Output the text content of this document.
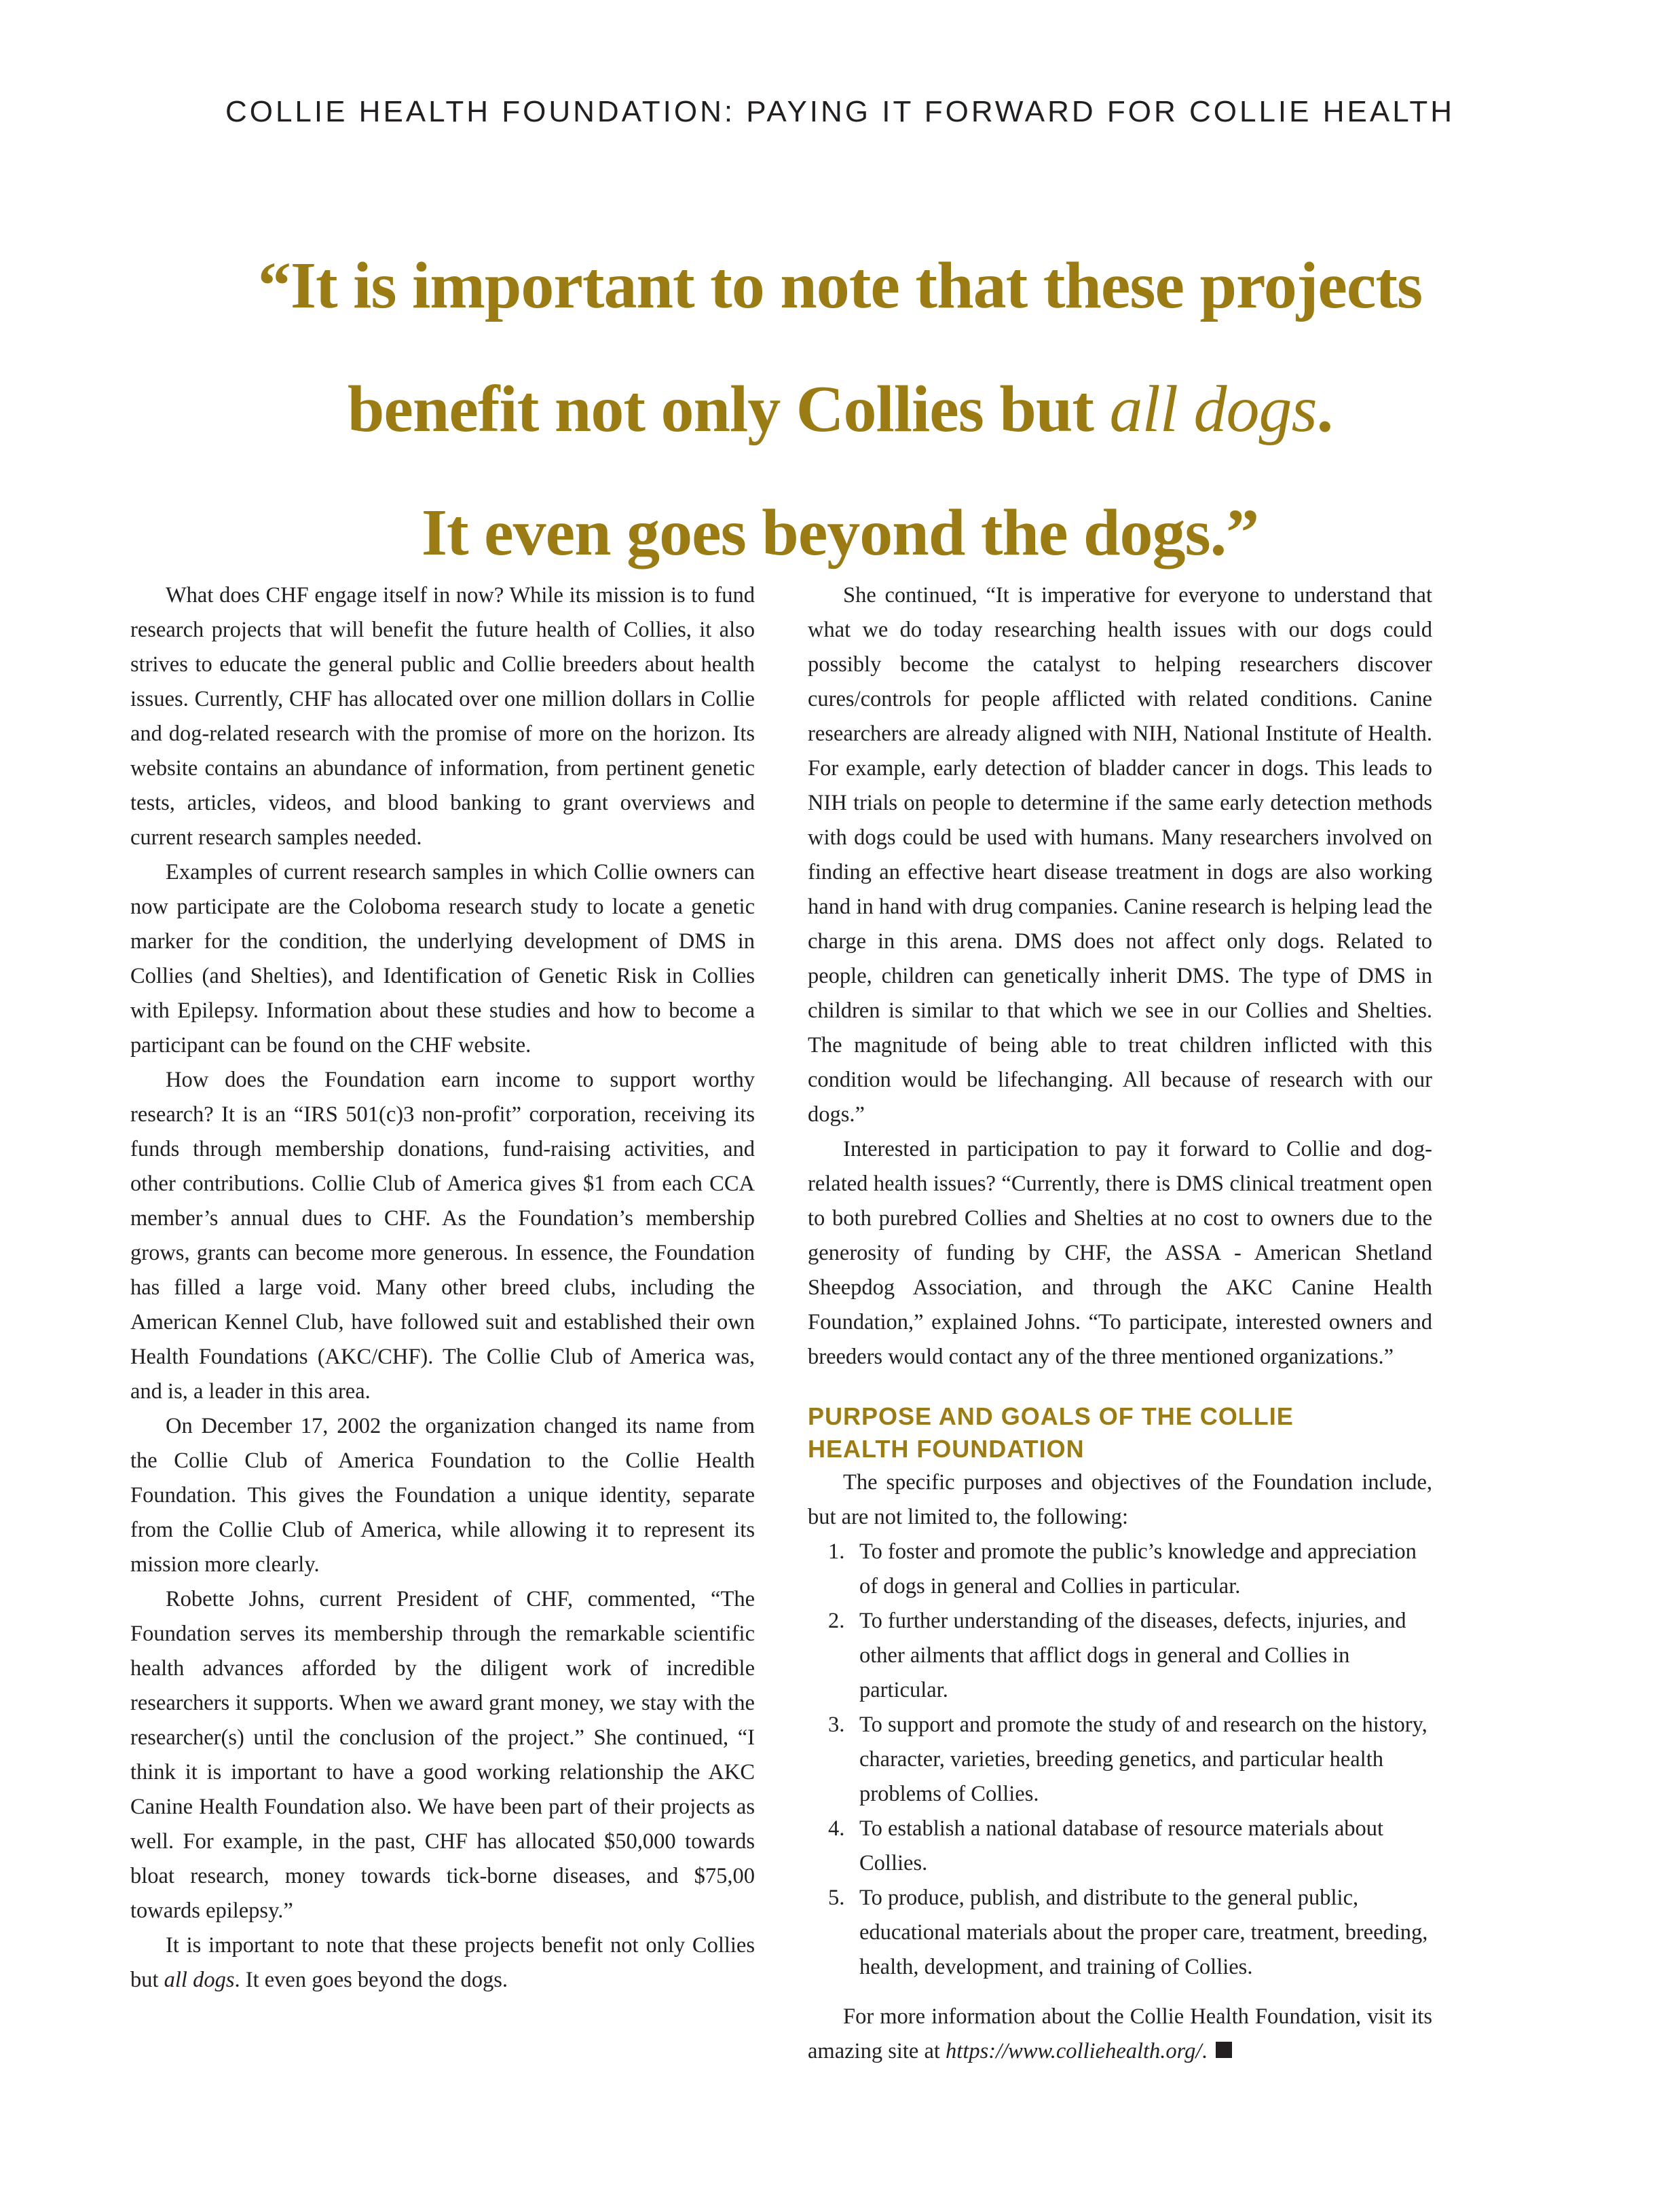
COLLIE HEALTH FOUNDATION: PAYING IT FORWARD FOR COLLIE HEALTH
“It is important to note that these projects
benefit not only Collies but all dogs.
It even goes beyond the dogs.”

What does CHF engage itself in now? While its mission is to fund research projects that will benefit the future health of Collies, it also strives to educate the general public and Collie breeders about health issues. Currently, CHF has allocated over one million dollars in Collie and dog-related research with the promise of more on the horizon. Its website contains an abundance of information, from pertinent genetic tests, articles, videos, and blood banking to grant overviews and current research samples needed.

Examples of current research samples in which Collie owners can now participate are the Coloboma research study to locate a genetic marker for the condition, the underlying development of DMS in Collies (and Shelties), and Identification of Genetic Risk in Collies with Epilepsy. Information about these studies and how to become a participant can be found on the CHF website.

How does the Foundation earn income to support worthy research? It is an “IRS 501(c)3 non-profit” corporation, receiving its funds through membership donations, fund-raising activities, and other contributions. Collie Club of America gives $1 from each CCA member’s annual dues to CHF. As the Foundation’s membership grows, grants can become more generous. In essence, the Foundation has filled a large void. Many other breed clubs, including the American Kennel Club, have followed suit and established their own Health Foundations (AKC/CHF). The Collie Club of America was, and is, a leader in this area.

On December 17, 2002 the organization changed its name from the Collie Club of America Foundation to the Collie Health Foundation. This gives the Foundation a unique identity, separate from the Collie Club of America, while allowing it to represent its mission more clearly.

Robette Johns, current President of CHF, commented, “The Foundation serves its membership through the remarkable scientific health advances afforded by the diligent work of incredible researchers it supports. When we award grant money, we stay with the researcher(s) until the conclusion of the project.” She continued, “I think it is important to have a good working relationship the AKC Canine Health Foundation also. We have been part of their projects as well. For example, in the past, CHF has allocated $50,000 towards bloat research, money towards tick-borne diseases, and $75,00 towards epilepsy.”

It is important to note that these projects benefit not only Collies but all dogs. It even goes beyond the dogs.

She continued, “It is imperative for everyone to understand that what we do today researching health issues with our dogs could possibly become the catalyst to helping researchers discover cures/controls for people afflicted with related conditions. Canine researchers are already aligned with NIH, National Institute of Health. For example, early detection of bladder cancer in dogs. This leads to NIH trials on people to determine if the same early detection methods with dogs could be used with humans. Many researchers involved on finding an effective heart disease treatment in dogs are also working hand in hand with drug companies. Canine research is helping lead the charge in this arena. DMS does not affect only dogs. Related to people, children can genetically inherit DMS. The type of DMS in children is similar to that which we see in our Collies and Shelties. The magnitude of being able to treat children inflicted with this condition would be lifechanging. All because of research with our dogs.”

Interested in participation to pay it forward to Collie and dog-related health issues? “Currently, there is DMS clinical treatment open to both purebred Collies and Shelties at no cost to owners due to the generosity of funding by CHF, the ASSA - American Shetland Sheepdog Association, and through the AKC Canine Health Foundation,” explained Johns. “To participate, interested owners and breeders would contact any of the three mentioned organizations.”

PURPOSE AND GOALS OF THE COLLIE
HEALTH FOUNDATION

The specific purposes and objectives of the Foundation include, but are not limited to, the following:

1. To foster and promote the public’s knowledge and appreciation of dogs in general and Collies in particular.
2. To further understanding of the diseases, defects, injuries, and other ailments that afflict dogs in general and Collies in particular.
3. To support and promote the study of and research on the history, character, varieties, breeding genetics, and particular health problems of Collies.
4. To establish a national database of resource materials about Collies.
5. To produce, publish, and distribute to the general public, educational materials about the proper care, treatment, breeding, health, development, and training of Collies.

For more information about the Collie Health Foundation, visit its amazing site at https://www.colliehealth.org/.
